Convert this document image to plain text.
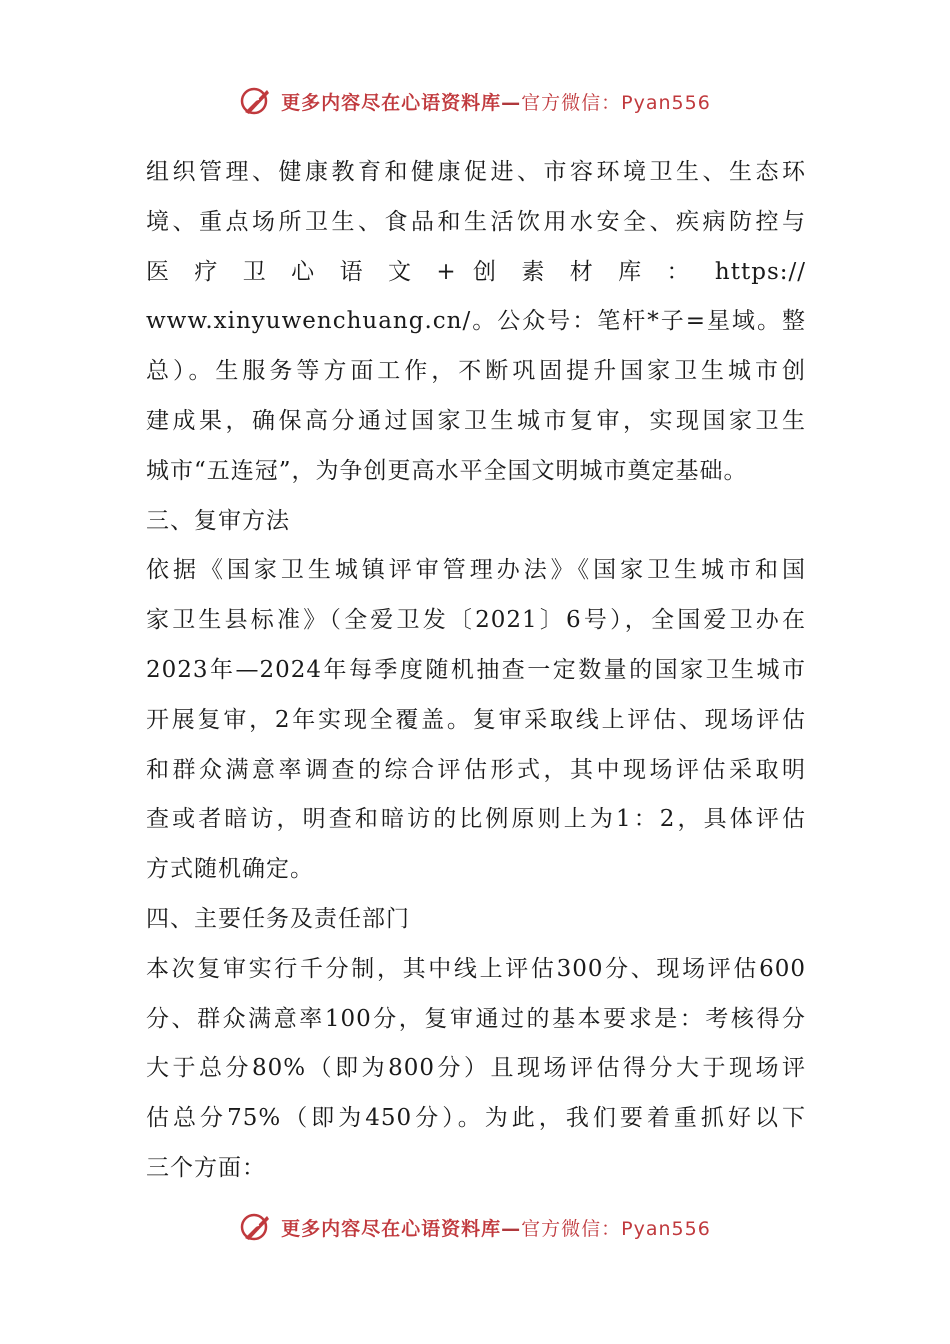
更多内容尽在心语资料库—官方微信：Pyan556
组织管理、健康教育和健康促进、市容环境卫生、生态环
境、重点场所卫生、食品和生活饮用水安全、疾病防控与
医 疗 卫 心 语 文 + 创 素 材 库 ： https://
www.xinyuwenchuang.cn/。公众号：笔杆*子=星域。整
总）。生服务等方面工作，不断巩固提升国家卫生城市创
建成果，确保高分通过国家卫生城市复审，实现国家卫生
城市“五连冠”，为争创更高水平全国文明城市奠定基础。
三、复审方法
依据《国家卫生城镇评审管理办法》《国家卫生城市和国
家卫生县标准》（全爱卫发〔2021〕6号），全国爱卫办在
2023年—2024年每季度随机抽查一定数量的国家卫生城市
开展复审，2年实现全覆盖。复审采取线上评估、现场评估
和群众满意率调查的综合评估形式，其中现场评估采取明
查或者暗访，明查和暗访的比例原则上为1：2，具体评估
方式随机确定。
四、主要任务及责任部门
本次复审实行千分制，其中线上评估300分、现场评估600
分、群众满意率100分，复审通过的基本要求是：考核得分
大于总分80%（即为800分）且现场评估得分大于现场评
估总分75%（即为450分）。为此，我们要着重抓好以下
三个方面：
更多内容尽在心语资料库—官方微信：Pyan556
